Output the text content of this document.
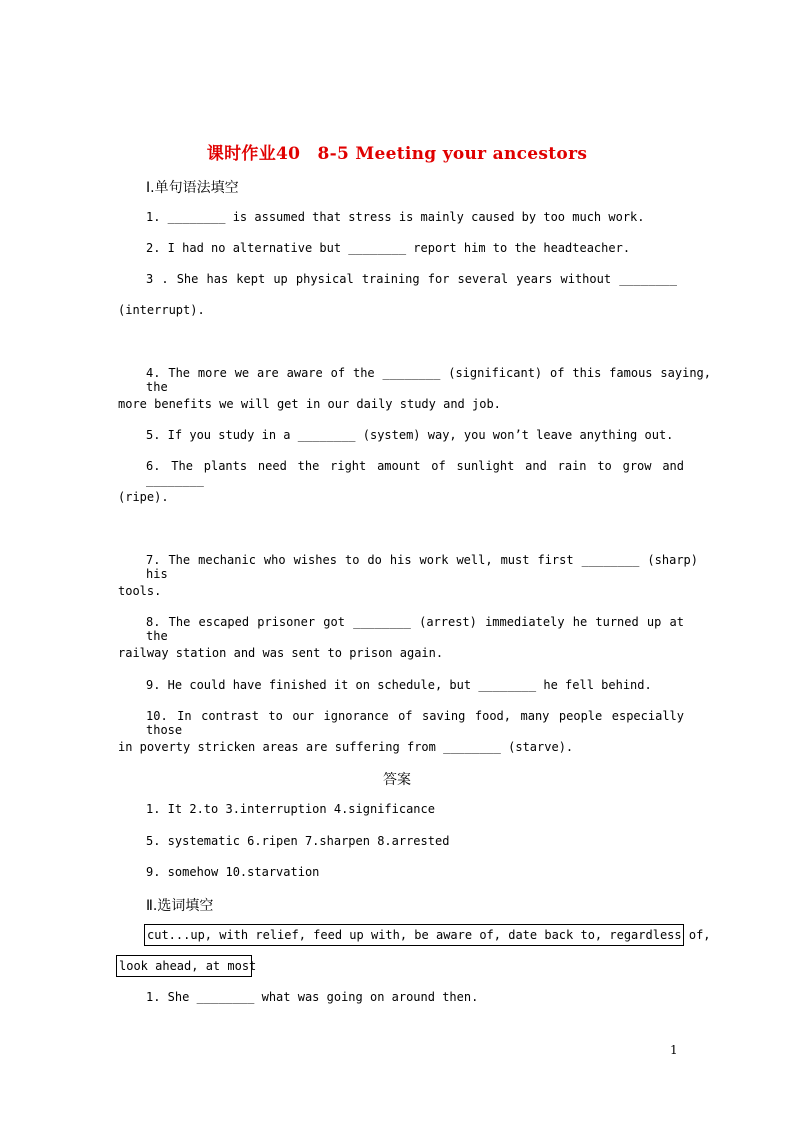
课时作业40　8-5 Meeting your ancestors
Ⅰ.单句语法填空
1. ________ is assumed that stress is mainly caused by too much work.
2. I had no alternative but ________ report him to the headteacher.
3 . She has kept up physical training for several years without ________
(interrupt).
4. The more we are aware of the ________ (significant) of this famous saying, the
more benefits we will get in our daily study and job.
5. If you study in a ________ (system) way, you won’t leave anything out.
6. The plants need the right amount of sunlight and rain to grow and ________
(ripe).
7. The mechanic who wishes to do his work well, must first ________ (sharp) his
tools.
8. The escaped prisoner got ________ (arrest) immediately he turned up at the
railway station and was sent to prison again.
9. He could have finished it on schedule, but ________ he fell behind.
10. In contrast to our ignorance of saving food, many people especially those
in poverty stricken areas are suffering from ________ (starve).
答案
1. It 2.to 3.interruption 4.significance
5. systematic 6.ripen 7.sharpen 8.arrested
9. somehow 10.starvation
Ⅱ.选词填空
cut...up, with relief, feed up with, be aware of, date back to, regardless of,
look ahead, at most
1. She ________ what was going on around then.
1
